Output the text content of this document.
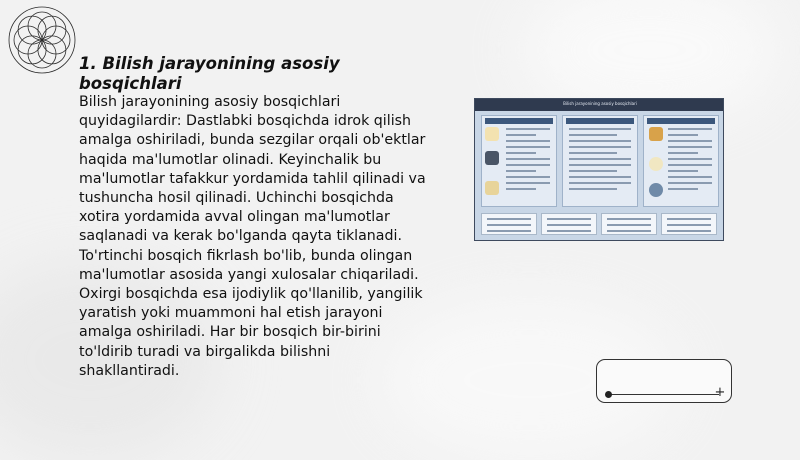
1. Bilish jarayonining asosiy bosqichlari

Bilish jarayonining asosiy bosqichlari quyidagilardir: Dastlabki bosqichda idrok qilish amalga oshiriladi, bunda sezgilar orqali ob'ektlar haqida ma'lumotlar olinadi. Keyinchalik bu ma'lumotlar tafakkur yordamida tahlil qilinadi va tushuncha hosil qilinadi. Uchinchi bosqichda xotira yordamida avval olingan ma'lumotlar saqlanadi va kerak bo'lganda qayta tiklanadi. To'rtinchi bosqich fikrlash bo'lib, bunda olingan ma'lumotlar asosida yangi xulosalar chiqariladi. Oxirgi bosqichda esa ijodiylik qo'llanilib, yangilik yaratish yoki muammoni hal etish jarayoni amalga oshiriladi. Har bir bosqich bir-birini to'ldirib turadi va birgalikda bilishni shakllantiradi.

Bilish jarayonining asosiy bosqichlari
+
